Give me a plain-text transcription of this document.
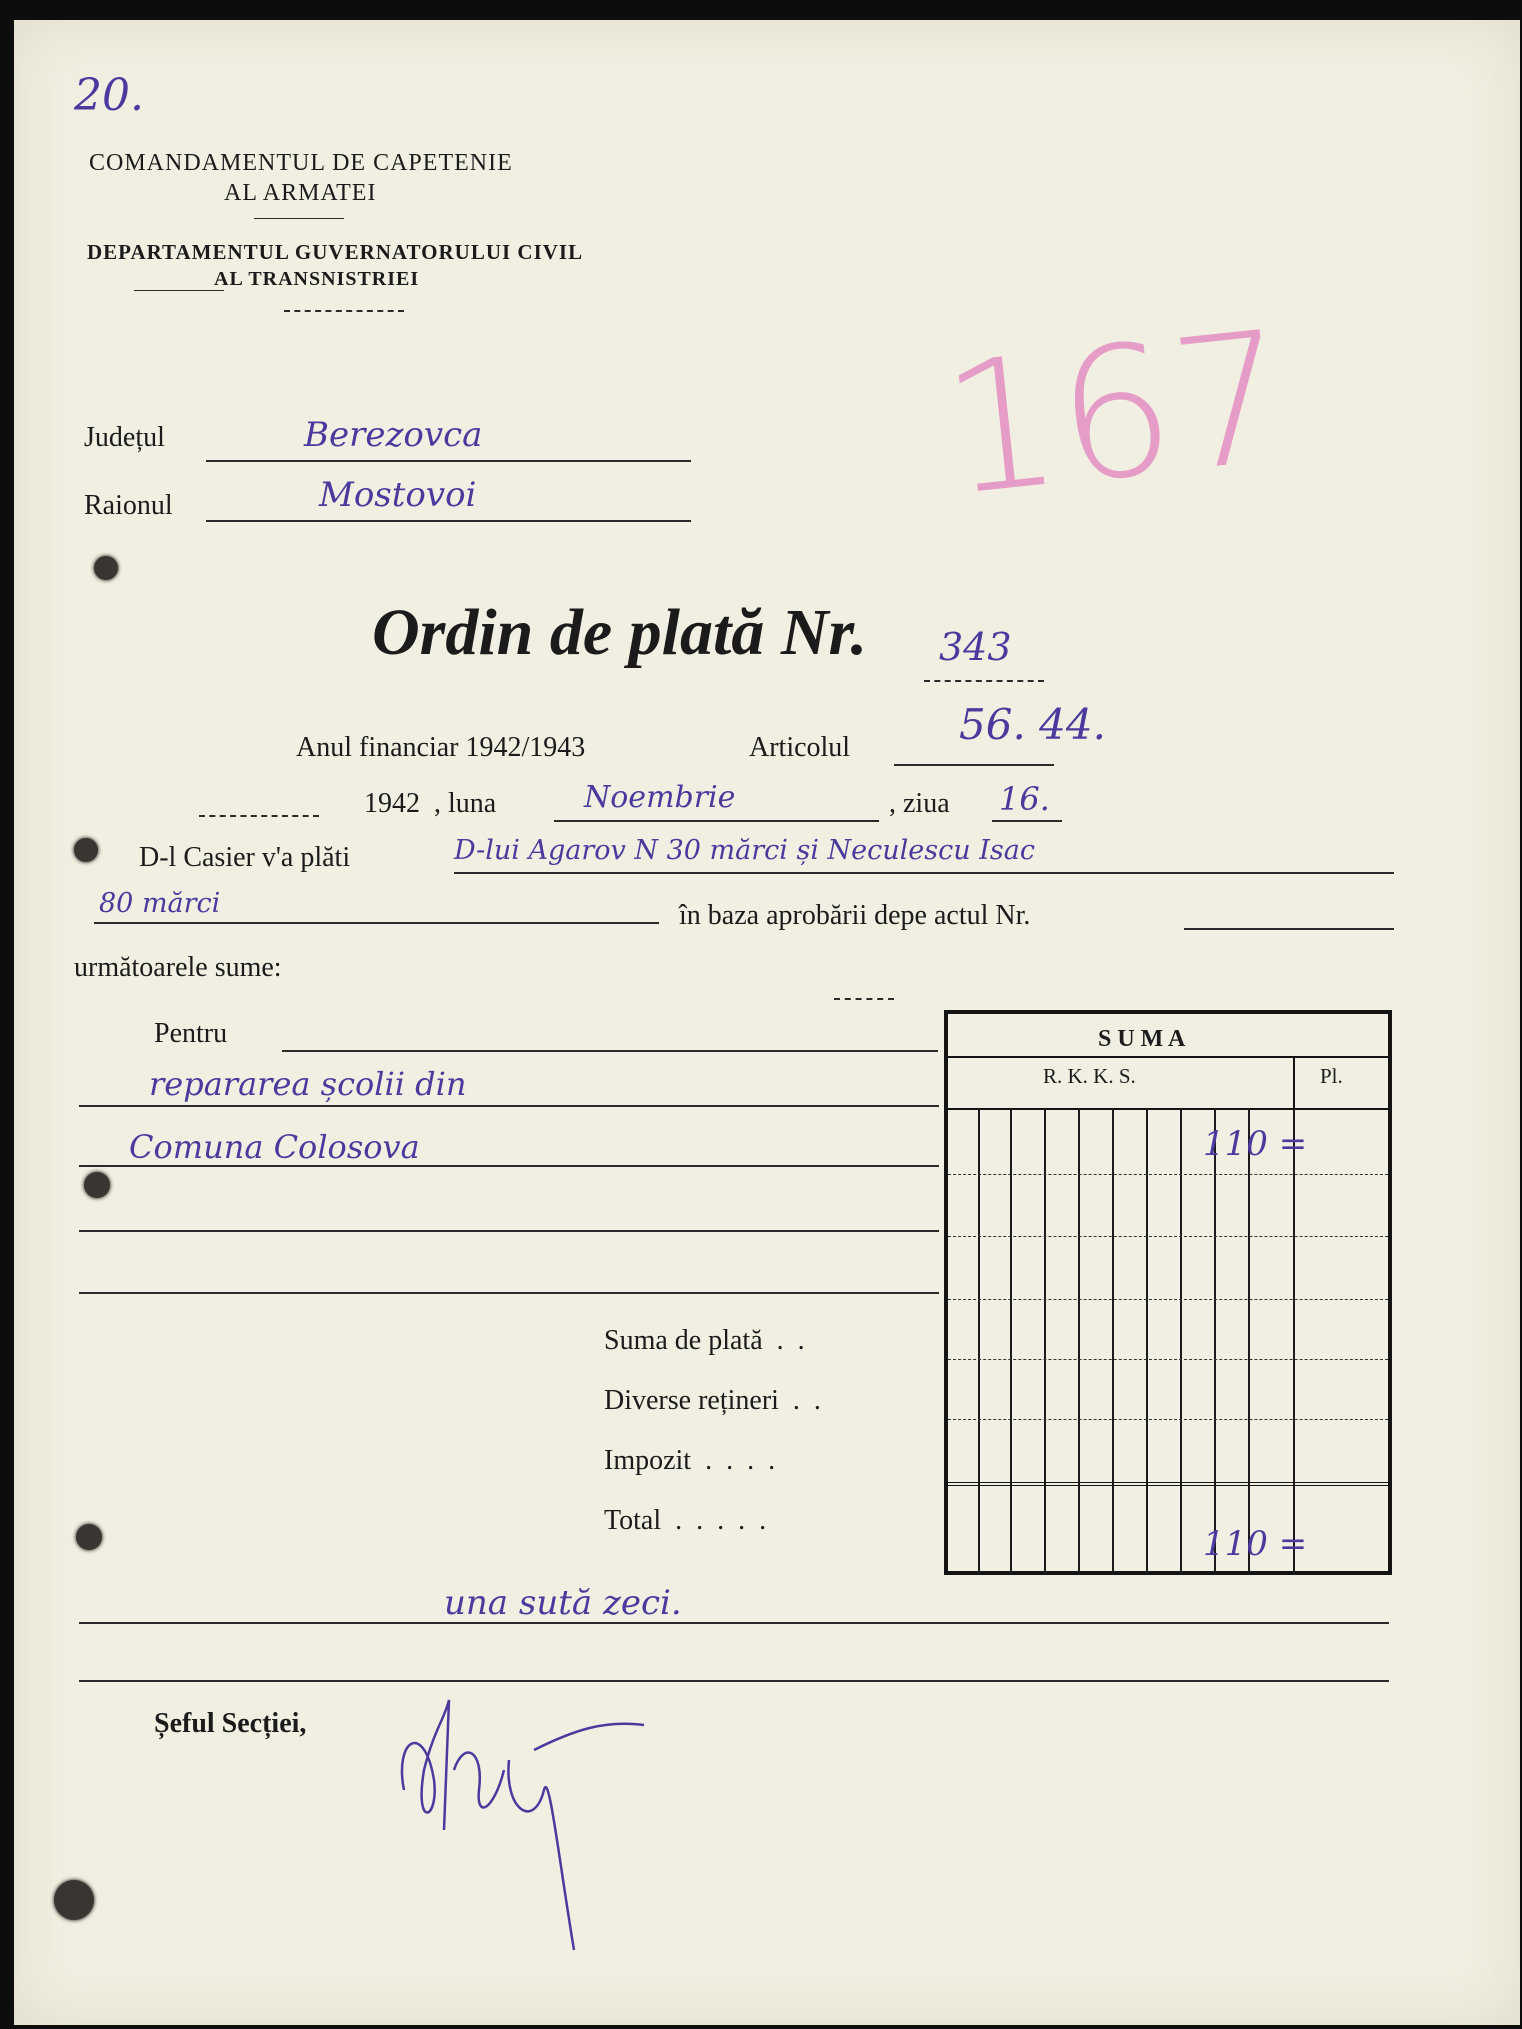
20.
COMANDAMENTUL DE CAPETENIE
AL ARMATEI
DEPARTAMENTUL GUVERNATORULUI CIVIL
AL TRANSNISTRIEI
167
Județul	Berezovca
Raionul	Mostovoi
Ordin de plată Nr. 343
Anul financiar 1942/1943	Articolul	56. 44.
1942 , luna	Noembrie	, ziua 16.
D-l Casier v'a plăti	D-lui Agarov N 30 mărci și Neculescu Isac
80 mărci	în baza aprobării depe actul Nr.
următoarele sume:
Pentru
repararea școlii din
Comuna Colosova
S U M A
R. K. K. S.	Pl.
110 =
110 =
Suma de plată  .  .
Diverse rețineri  .  .
Impozit  .  .  .  .
Total  .  .  .  .  .
una sută zeci.
Șeful Secției,
